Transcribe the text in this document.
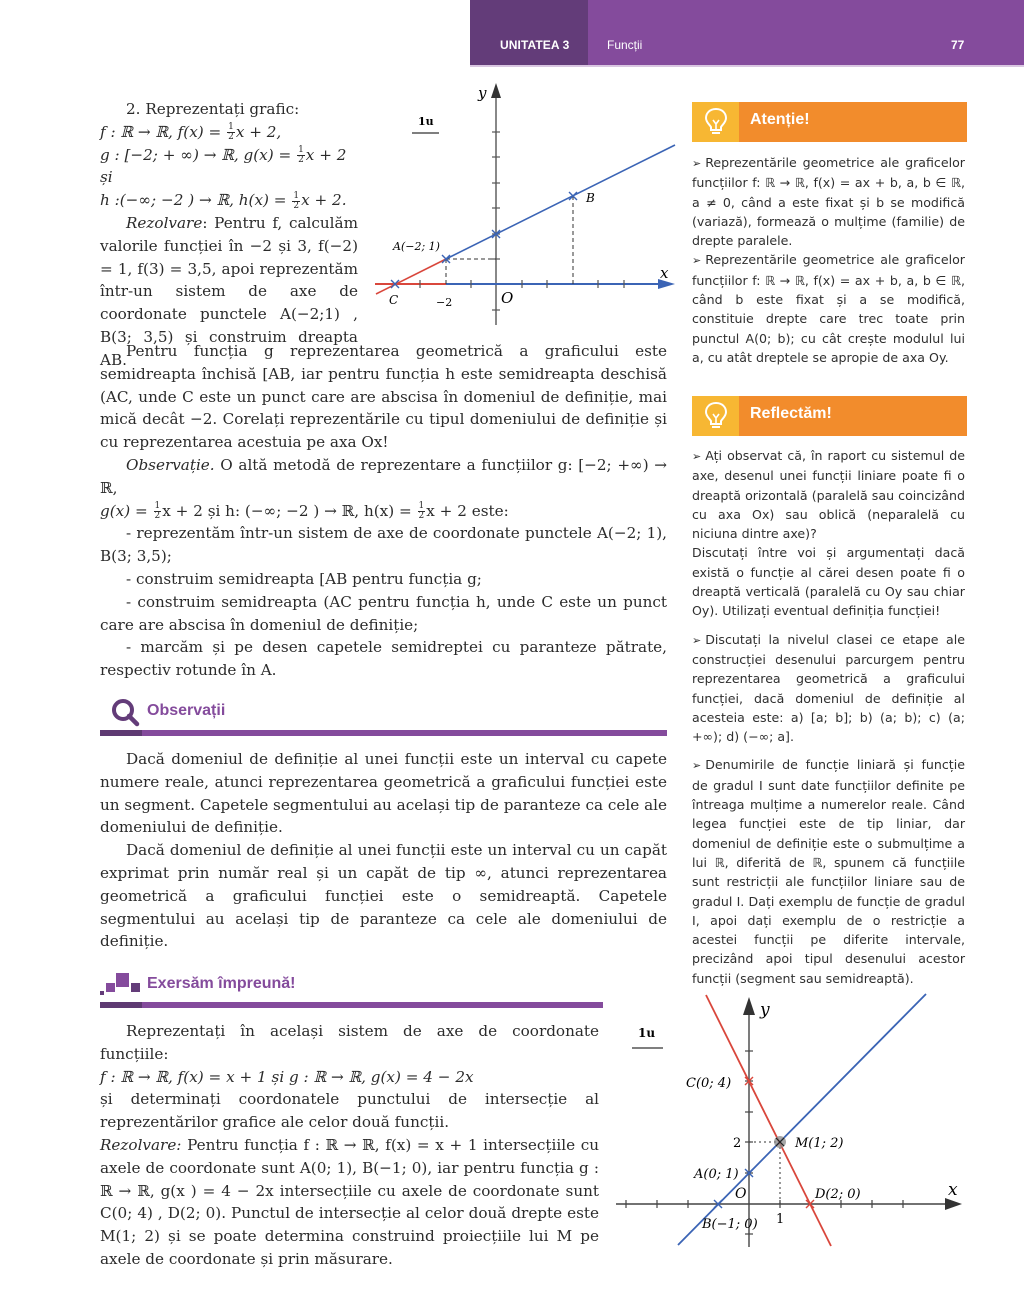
UNITATEA 3	Funcții	77

2. Reprezentați grafic:

f : ℝ → ℝ, $f(x) = \frac{1}{2}$ x + 2,

g : [−2; + ∞) → ℝ, $g(x) = \frac{1}{2}$ x + 2 și

h :(−∞; −2 ) → ℝ, $h(x) = \frac{1}{2}$ x + 2.

Rezolvare: Pentru f, calculăm valorile funcției în −2 și 3, f(−2) = 1, f(3) = 3,5, apoi reprezentăm într-un sistem de axe de coordonate punctele A(−2;1) , B(3; 3,5) și construim dreapta AB.

1u
y
x
A(−2; 1)
B
C	−2	O

Pentru funcția g reprezentarea geometrică a graficului este semidreapta închisă [AB, iar pentru funcția h este semidreapta deschisă (AC, unde C este un punct care are abscisa în domeniul de definiție, mai mică decât −2. Corelați reprezentările cu tipul domeniului de definiție și cu reprezentarea acestuia pe axa Ox!

Observație. O altă metodă de reprezentare a funcțiilor g: [−2; +∞) → ℝ,

$g(x) = \frac{1}{2}$ x + 2 și h: (−∞; −2 ) → ℝ, $h(x) = \frac{1}{2}$ x + 2 este:

- reprezentăm într-un sistem de axe de coordonate punctele A(−2; 1), B(3; 3,5);

- construim semidreapta [AB pentru funcția g;

- construim semidreapta (AC pentru funcția h, unde C este un punct care are abscisa în domeniul de definiție;

- marcăm și pe desen capetele semidreptei cu paranteze pătrate, respectiv rotunde în A.

Observații

Dacă domeniul de definiție al unei funcții este un interval cu capete numere reale, atunci reprezentarea geometrică a graficului funcției este un segment. Capetele segmentului au același tip de paranteze ca cele ale domeniului de definiție.

Dacă domeniul de definiție al unei funcții este un interval cu un capăt exprimat prin număr real și un capăt de tip ∞, atunci reprezentarea geometrică a graficului funcției este o semidreaptă. Capetele segmentului au același tip de paranteze ca cele ale domeniului de definiție.

Exersăm împreună!

Reprezentați în același sistem de axe de coordonate funcțiile:

f : ℝ → ℝ, f(x) = x + 1 și g : ℝ → ℝ, g(x) = 4 − 2x

și determinați coordonatele punctului de intersecție al reprezentărilor grafice ale celor două funcții.

Rezolvare: Pentru funcția f : ℝ → ℝ, f(x) = x + 1 intersecțiile cu axele de coordonate sunt A(0; 1), B(−1; 0), iar pentru funcția g : ℝ → ℝ, g(x ) = 4 − 2x intersecțiile cu axele de coordonate sunt C(0; 4) , D(2; 0). Punctul de intersecție al celor două drepte este M(1; 2) și se poate determina construind proiecțiile lui M pe axele de coordonate și prin măsurare.

1u
y
x
C(0; 4)
A(0; 1)
B(−1; 0)
D(2; 0)
M(1; 2)
2
1
O
Atenție!

➢ Reprezentările geometrice ale graficelor funcțiilor f: ℝ → ℝ, f(x) = ax + b, a, b ∈ ℝ, a ≠ 0, când a este fixat și b se modifică (variază), formează o mulțime (familie) de drepte paralele.

➢ Reprezentările geometrice ale graficelor funcțiilor f: ℝ → ℝ, f(x) = ax + b, a, b ∈ ℝ, când b este fixat și a se modifică, constituie drepte care trec toate prin punctul A(0; b); cu cât crește modulul lui a, cu atât dreptele se apropie de axa Oy.

Reflectăm!

➢ Ați observat că, în raport cu sistemul de axe, desenul unei funcții liniare poate fi o dreaptă orizontală (paralelă sau coincizând cu axa Ox) sau oblică (neparalelă cu niciuna dintre axe)?

Discutați între voi și argumentați dacă există o funcție al cărei desen poate fi o dreaptă verticală (paralelă cu Oy sau chiar Oy). Utilizați eventual definiția funcției!

➢ Discutați la nivelul clasei ce etape ale construcției desenului parcurgem pentru reprezentarea geometrică a graficului funcției, dacă domeniul de definiție al acesteia este: a) [a; b]; b) (a; b); c) (a; +∞); d) (−∞; a].

➢ Denumirile de funcție liniară și funcție de gradul I sunt date funcțiilor definite pe întreaga mulțime a numerelor reale. Când legea funcției este de tip liniar, dar domeniul de definiție este o submulțime a lui ℝ, diferită de ℝ, spunem că funcțiile sunt restricții ale funcțiilor liniare sau de gradul I. Dați exemplu de funcție de gradul I, apoi dați exemplu de o restricție a acestei funcții pe diferite intervale, precizând apoi tipul desenului acestor funcții (segment sau semidreaptă).
